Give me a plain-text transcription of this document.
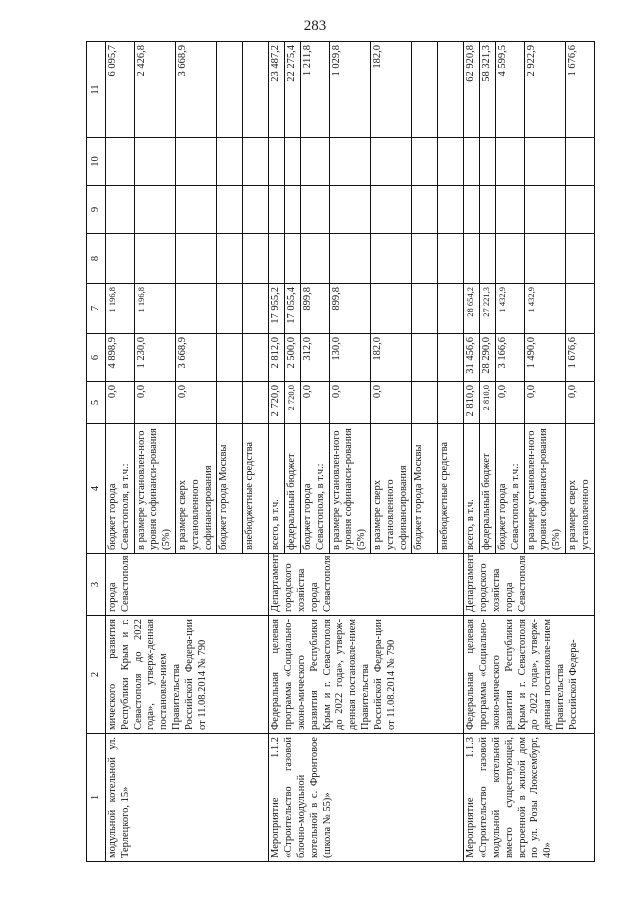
283
1	2	3	4	5	6	7	8	9	10	11
модульной котельной ул. Терлецкого, 15»	мического развития Республики Крым и г. Севастополя до 2022 года», утверж-денная постановле-нием Правительства Российской Федера-ции от 11.08.2014 № 790	города Севастополя	бюджет города Севастополя, в т.ч.:	0,0	4 898,9	1 196,8				6 095,7
			в размере установлен-ного уровня софинанси-рования (5%)	0,0	1 230,0	1 196,8				2 426,8
			в размере сверх установленного софинансирования	0,0	3 668,9					3 668,9
			бюджет города Москвы							
			внебюджетные средства							
Мероприятие 1.1.2 «Строительство газовой блочно-модульной котельной в с. Фронтовое (школа № 55)»	Федеральная целевая программа «Социально-эконо-мического развития Республики Крым и г. Севастополя до 2022 года», утверж-денная постановле-нием Правительства Российской Федера-ции от 11.08.2014 № 790	Департамент городского хозяйства города Севастополя	всего, в т.ч.	2 720,0	2 812,0	17 955,2				23 487,2
			федеральный бюджет	2 720,0	2 500,0	17 055,4				22 275,4
			бюджет города Севастополя, в т.ч.:	0,0	312,0	899,8				1 211,8
			в размере установлен-ного уровня софинанси-рования (5%)	0,0	130,0	899,8				1 029,8
			в размере сверх установленного софинансирования	0,0	182,0					182,0
			бюджет города Москвы							
			внебюджетные средства							
Мероприятие 1.1.3 «Строительство газовой модульной котельной вместо существующей, встроенной в жилой дом по ул. Розы Люксембург, 40»	Федеральная целевая программа «Социально-эконо-мического развития Республики Крым и г. Севастополя до 2022 года», утверж-денная постановле-нием Правительства Российской Федера-	Департамент городского хозяйства города Севастополя	всего, в т.ч.	2 810,0	31 456,6	28 654,2				62 920,8
			федеральный бюджет	2 810,0	28 290,0	27 221,3				58 321,3
			бюджет города Севастополя, в т.ч.:	0,0	3 166,6	1 432,9				4 599,5
			в размере установлен-ного уровня софинанси-рования (5%)	0,0	1 490,0	1 432,9				2 922,9
			в размере сверх установленного	0,0	1 676,6					1 676,6
